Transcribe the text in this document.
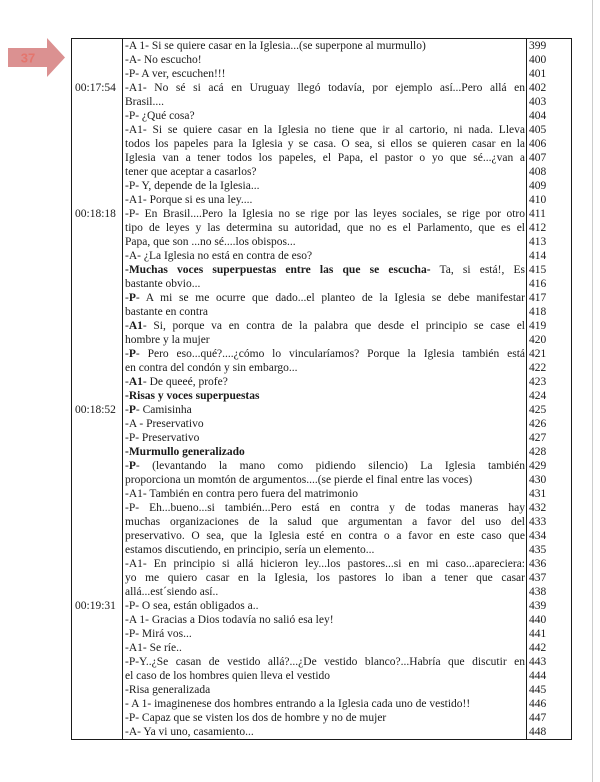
37
-A 1- Si se quiere casar en la Iglesia...(se superpone al murmullo)	399
-A- No escucho!	400
-P- A ver, escuchen!!!	401
00:17:54 -A1- No sé si acá en Uruguay llegó todavía, por ejemplo así...Pero allá en 402
Brasil....	403
-P- ¿Qué cosa?	404
-A1- Si se quiere casar en la Iglesia no tiene que ir al cartorio, ni nada. Lleva 405
todos los papeles para la Iglesia y se casa. O sea, si ellos se quieren casar en la 406
Iglesia van a tener todos los papeles, el Papa, el pastor o yo que sé...¿van a 407
tener que aceptar a casarlos?	408
-P- Y, depende de la Iglesia...	409
-A1- Porque si es una ley....	410
00:18:18 -P- En Brasil....Pero la Iglesia no se rige por las leyes sociales, se rige por otro 411
tipo de leyes y las determina su autoridad, que no es el Parlamento, que es el 412
Papa, que son ...no sé....los obispos...	413
-A- ¿La Iglesia no está en contra de eso?	414
-Muchas voces superpuestas entre las que se escucha- Ta, si está!, Es 415
bastante obvio...	416
-P- A mi se me ocurre que dado...el planteo de la Iglesia se debe manifestar 417
bastante en contra	418
-A1- Si, porque va en contra de la palabra que desde el principio se case el 419
hombre y la mujer	420
-P- Pero eso...qué?....¿cómo lo vincularíamos? Porque la Iglesia también está 421
en contra del condón y sin embargo...	422
-A1- De queeé, profe?	423
-Risas y voces superpuestas	424
00:18:52 -P- Camisinha	425
-A - Preservativo	426
-P- Preservativo	427
-Murmullo generalizado	428
-P- (levantando la mano como pidiendo silencio) La Iglesia también 429
proporciona un momtón de argumentos....(se pierde el final entre las voces)	430
-A1- También en contra pero fuera del matrimonio	431
-P- Eh...bueno...si también...Pero está en contra y de todas maneras hay 432
muchas organizaciones de la salud que argumentan a favor del uso del 433
preservativo. O sea, que la Iglesia esté en contra o a favor en este caso que 434
estamos discutiendo, en principio, sería un elemento...	435
-A1- En principio si allá hicieron ley...los pastores...si en mi caso...apareciera: 436
yo me quiero casar en la Iglesia, los pastores lo iban a tener que casar 437
allá...est´siendo así..	438
00:19:31 -P- O sea, están obligados a..	439
-A 1- Gracias a Dios todavía no salió esa ley!	440
-P- Mirá vos...	441
-A1- Se ríe..	442
-P-Y..¿Se casan de vestido allá?...¿De vestido blanco?...Habría que discutir en 443
el caso de los hombres quien lleva el vestido	444
-Risa generalizada	445
- A 1- imaginenese dos hombres entrando a la Iglesia cada uno de vestido!!	446
-P- Capaz que se visten los dos de hombre y no de mujer	447
-A- Ya vi uno, casamiento...	448
